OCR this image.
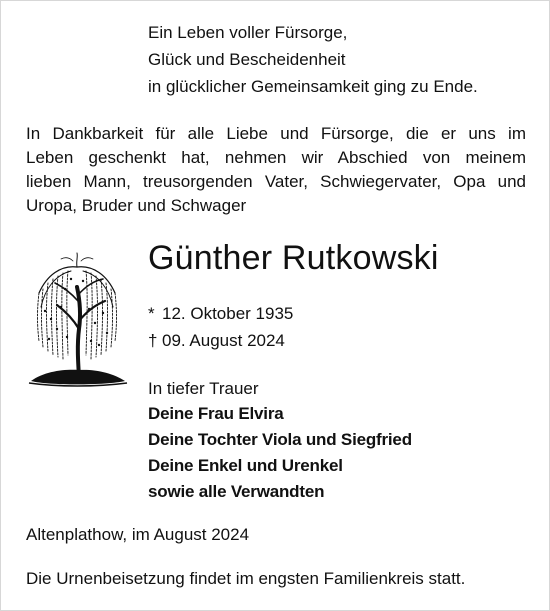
Ein Leben voller Fürsorge,
Glück und Bescheidenheit
in glücklicher Gemeinsamkeit ging zu Ende.
In Dankbarkeit für alle Liebe und Fürsorge, die er uns im
Leben geschenkt hat, nehmen wir Abschied von meinem
lieben Mann, treusorgenden Vater, Schwiegervater, Opa und
Uropa, Bruder und Schwager
Günther Rutkowski
* 12. Oktober 1935
† 09. August 2024
In tiefer Trauer
Deine Frau Elvira
Deine Tochter Viola und Siegfried
Deine Enkel und Urenkel
sowie alle Verwandten
Altenplathow, im August 2024
Die Urnenbeisetzung findet im engsten Familienkreis statt.
